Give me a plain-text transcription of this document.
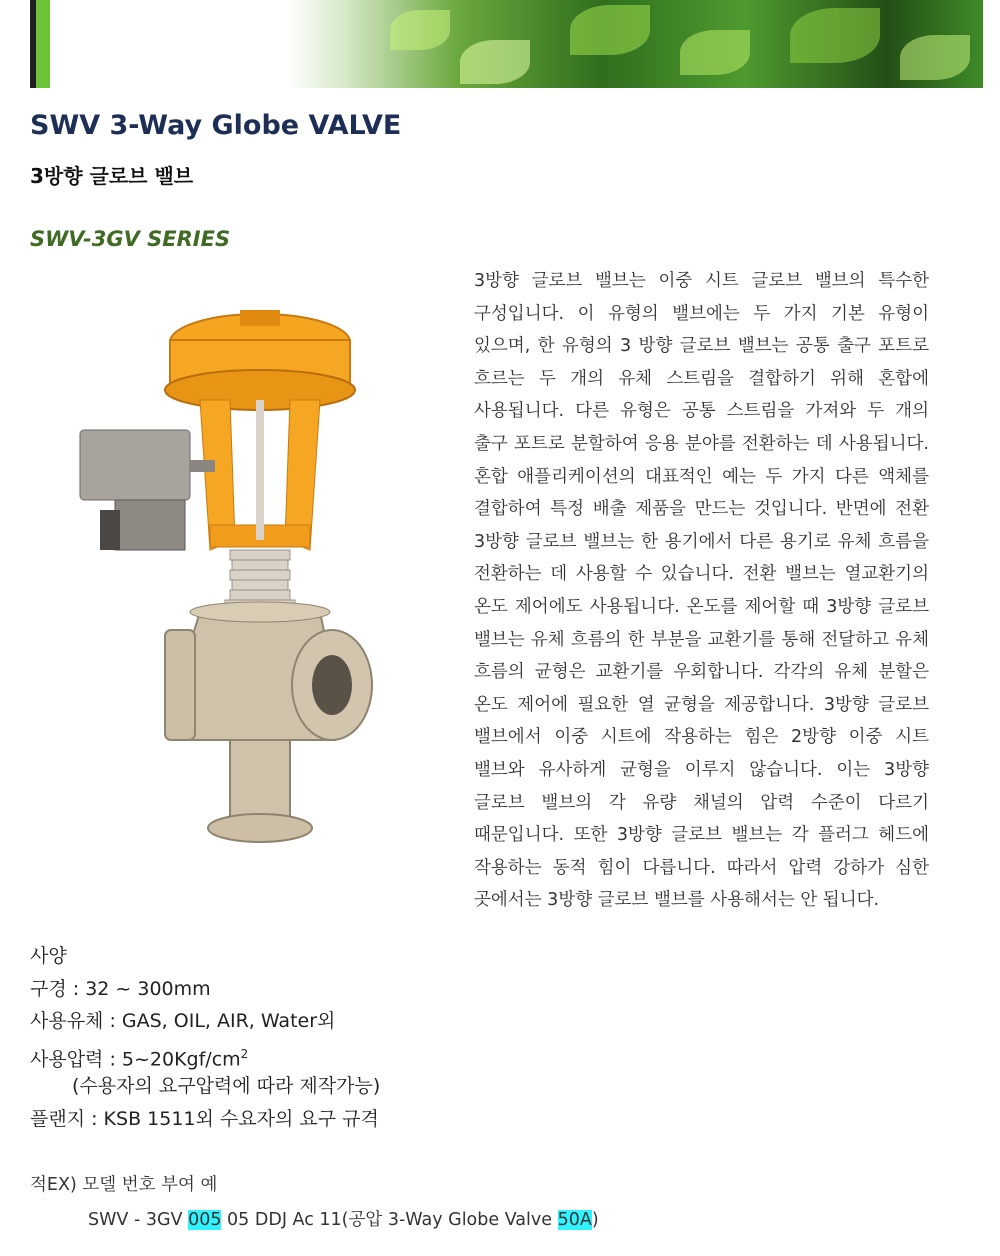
SWV 3-Way Globe VALVE
3방향 글로브 밸브
SWV-3GV SERIES

3방향 글로브 밸브는 이중 시트 글로브 밸브의 특수한 구성입니다. 이 유형의 밸브에는 두 가지 기본 유형이 있으며, 한 유형의 3 방향 글로브 밸브는 공통 출구 포트로 흐르는 두 개의 유체 스트림을 결합하기 위해 혼합에 사용됩니다. 다른 유형은 공통 스트림을 가져와 두 개의 출구 포트로 분할하여 응용 분야를 전환하는 데 사용됩니다. 혼합 애플리케이션의 대표적인 예는 두 가지 다른 액체를 결합하여 특정 배출 제품을 만드는 것입니다. 반면에 전환 3방향 글로브 밸브는 한 용기에서 다른 용기로 유체 흐름을 전환하는 데 사용할 수 있습니다. 전환 밸브는 열교환기의 온도 제어에도 사용됩니다. 온도를 제어할 때 3방향 글로브 밸브는 유체 흐름의 한 부분을 교환기를 통해 전달하고 유체 흐름의 균형은 교환기를 우회합니다. 각각의 유체 분할은 온도 제어에 필요한 열 균형을 제공합니다. 3방향 글로브 밸브에서 이중 시트에 작용하는 힘은 2방향 이중 시트 밸브와 유사하게 균형을 이루지 않습니다. 이는 3방향 글로브 밸브의 각 유량 채널의 압력 수준이 다르기 때문입니다. 또한 3방향 글로브 밸브는 각 플러그 헤드에 작용하는 동적 힘이 다릅니다. 따라서 압력 강하가 심한 곳에서는 3방향 글로브 밸브를 사용해서는 안 됩니다.

사양
구경 : 32 ~ 300mm
사용유체 : GAS, OIL, AIR, Water외
사용압력 : $5\sim 20Kgf/cm^2$
(수용자의 요구압력에 따라 제작가능)
플랜지 : KSB 1511외 수요자의 요구 규격
적EX) 모델 번호 부여 예
SWV - 3GV 005 05 DDJ Ac 11(공압 3-Way Globe Valve 50A)
